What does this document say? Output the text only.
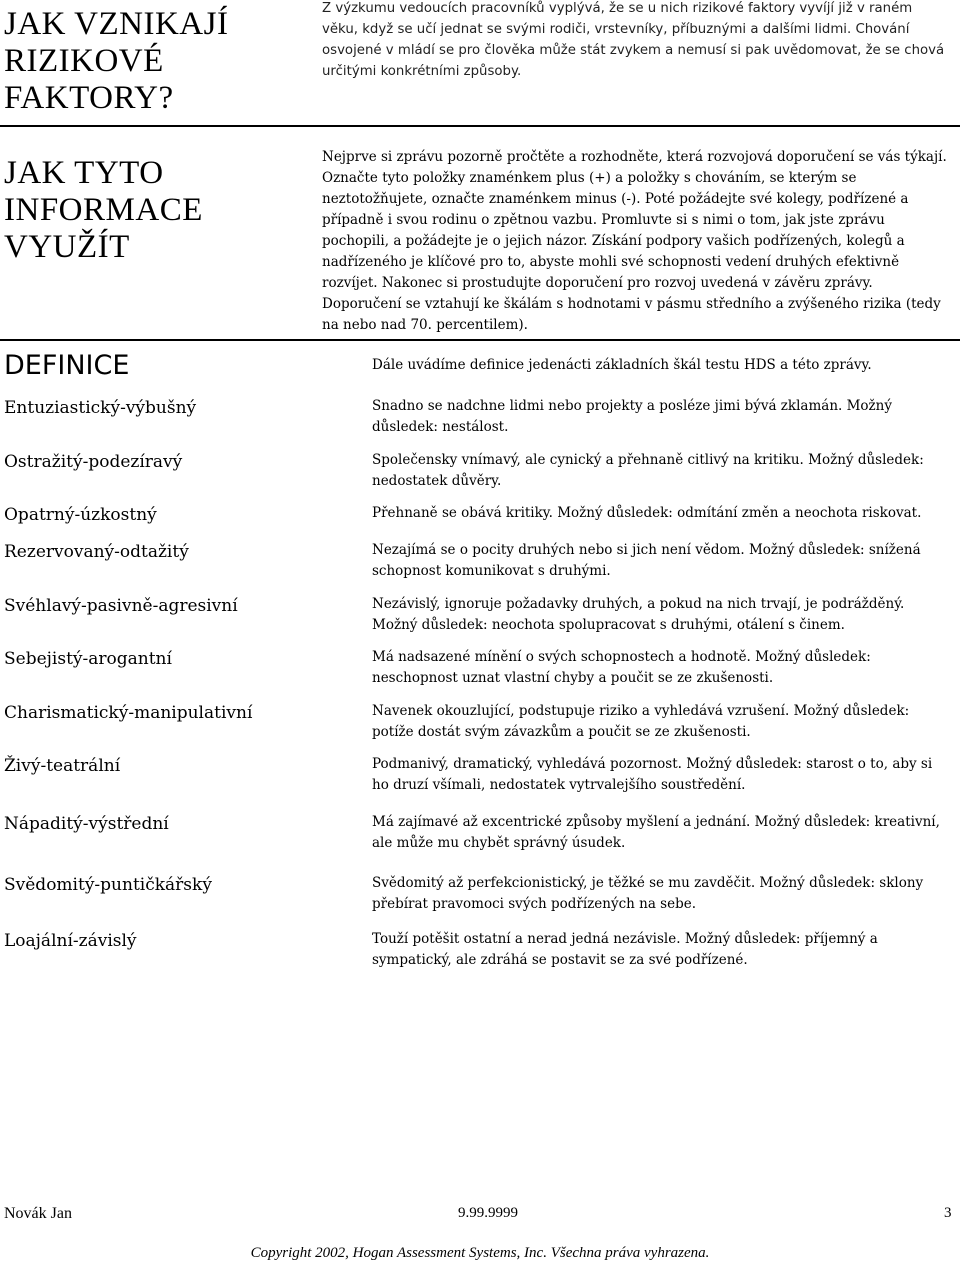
JAK VZNIKAJÍ
RIZIKOVÉ
FAKTORY?
Z výzkumu vedoucích pracovníků vyplývá, že se u nich rizikové faktory vyvíjí již v raném věku, když se učí jednat se svými rodiči, vrstevníky, příbuznými a dalšími lidmi. Chování osvojené v mládí se pro člověka může stát zvykem a nemusí si pak uvědomovat, že se chová určitými konkrétními způsoby.
JAK TYTO
INFORMACE
VYUŽÍT
Nejprve si zprávu pozorně pročtěte a rozhodněte, která rozvojová doporučení se vás týkají. Označte tyto položky znaménkem plus (+) a položky s chováním, se kterým se neztotožňujete, označte znaménkem minus (-). Poté požádejte své kolegy, podřízené a případně i svou rodinu o zpětnou vazbu. Promluvte si s nimi o tom, jak jste zprávu pochopili, a požádejte je o jejich názor. Získání podpory vašich podřízených, kolegů a nadřízeného je klíčové pro to, abyste mohli své schopnosti vedení druhých efektivně rozvíjet. Nakonec si prostudujte doporučení pro rozvoj uvedená v závěru zprávy. Doporučení se vztahují ke škálám s hodnotami v pásmu středního a zvýšeného rizika (tedy na nebo nad 70. percentilem).
DEFINICE	Dále uvádíme definice jedenácti základních škál testu HDS a této zprávy.
Entuziastický-výbušný	Snadno se nadchne lidmi nebo projekty a posléze jimi bývá zklamán. Možný důsledek: nestálost.
Ostražitý-podezíravý	Společensky vnímavý, ale cynický a přehnaně citlivý na kritiku. Možný důsledek: nedostatek důvěry.
Opatrný-úzkostný	Přehnaně se obává kritiky. Možný důsledek: odmítání změn a neochota riskovat.
Rezervovaný-odtažitý	Nezajímá se o pocity druhých nebo si jich není vědom. Možný důsledek: snížená schopnost komunikovat s druhými.
Svéhlavý-pasivně-agresivní	Nezávislý, ignoruje požadavky druhých, a pokud na nich trvají, je podrážděný. Možný důsledek: neochota spolupracovat s druhými, otálení s činem.
Sebejistý-arogantní	Má nadsazené mínění o svých schopnostech a hodnotě. Možný důsledek: neschopnost uznat vlastní chyby a poučit se ze zkušenosti.
Charismatický-manipulativní	Navenek okouzlující, podstupuje riziko a vyhledává vzrušení. Možný důsledek: potíže dostát svým závazkům a poučit se ze zkušenosti.
Živý-teatrální	Podmanivý, dramatický, vyhledává pozornost. Možný důsledek: starost o to, aby si ho druzí všímali, nedostatek vytrvalejšího soustředění.
Nápaditý-výstřední	Má zajímavé až excentrické způsoby myšlení a jednání. Možný důsledek: kreativní, ale může mu chybět správný úsudek.
Svědomitý-puntičkářský	Svědomitý až perfekcionistický, je těžké se mu zavděčit. Možný důsledek: sklony přebírat pravomoci svých podřízených na sebe.
Loajální-závislý	Touží potěšit ostatní a nerad jedná nezávisle. Možný důsledek: příjemný a sympatický, ale zdráhá se postavit se za své podřízené.
Novák Jan	9.99.9999	3
Copyright 2002, Hogan Assessment Systems, Inc. Všechna práva vyhrazena.
